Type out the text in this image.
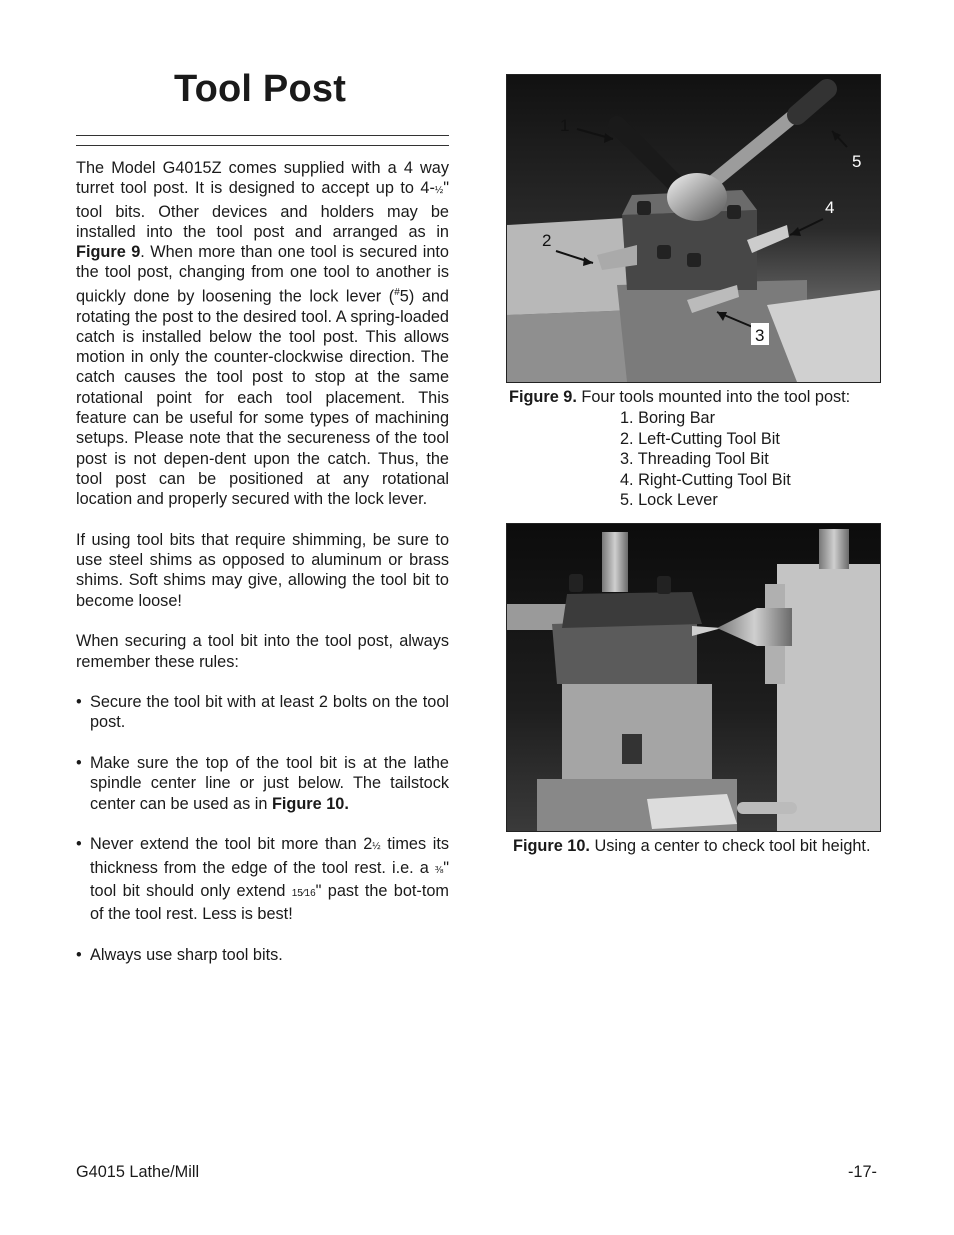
Tool Post

The Model G4015Z comes supplied with a 4 way turret tool post. It is designed to accept up to 4-½" tool bits. Other devices and holders may be installed into the tool post and arranged as in Figure 9. When more than one tool is secured into the tool post, changing from one tool to another is quickly done by loosening the lock lever (#5) and rotating the post to the desired tool. A spring-loaded catch is installed below the tool post. This allows motion in only the counter-clockwise direction. The catch causes the tool post to stop at the same rotational point for each tool placement. This feature can be useful for some types of machining setups. Please note that the secureness of the tool post is not depen-dent upon the catch. Thus, the tool post can be positioned at any rotational location and properly secured with the lock lever.

If using tool bits that require shimming, be sure to use steel shims as opposed to aluminum or brass shims. Soft shims may give, allowing the tool bit to become loose!

When securing a tool bit into the tool post, always remember these rules:

• Secure the tool bit with at least 2 bolts on the tool post.
• Make sure the top of the tool bit is at the lathe spindle center line or just below. The tailstock center can be used as in Figure 10.
• Never extend the tool bit more than 2½ times its thickness from the edge of the tool rest. i.e. a ⅜" tool bit should only extend 15⁄16" past the bot-tom of the tool rest. Less is best!
• Always use sharp tool bits.
1
2
3
4
5
Figure 9. Four tools mounted into the tool post:
1. Boring Bar
2. Left-Cutting Tool Bit
3. Threading Tool Bit
4. Right-Cutting Tool Bit
5. Lock Lever
Figure 10. Using a center to check tool bit height.
G4015 Lathe/Mill	-17-
